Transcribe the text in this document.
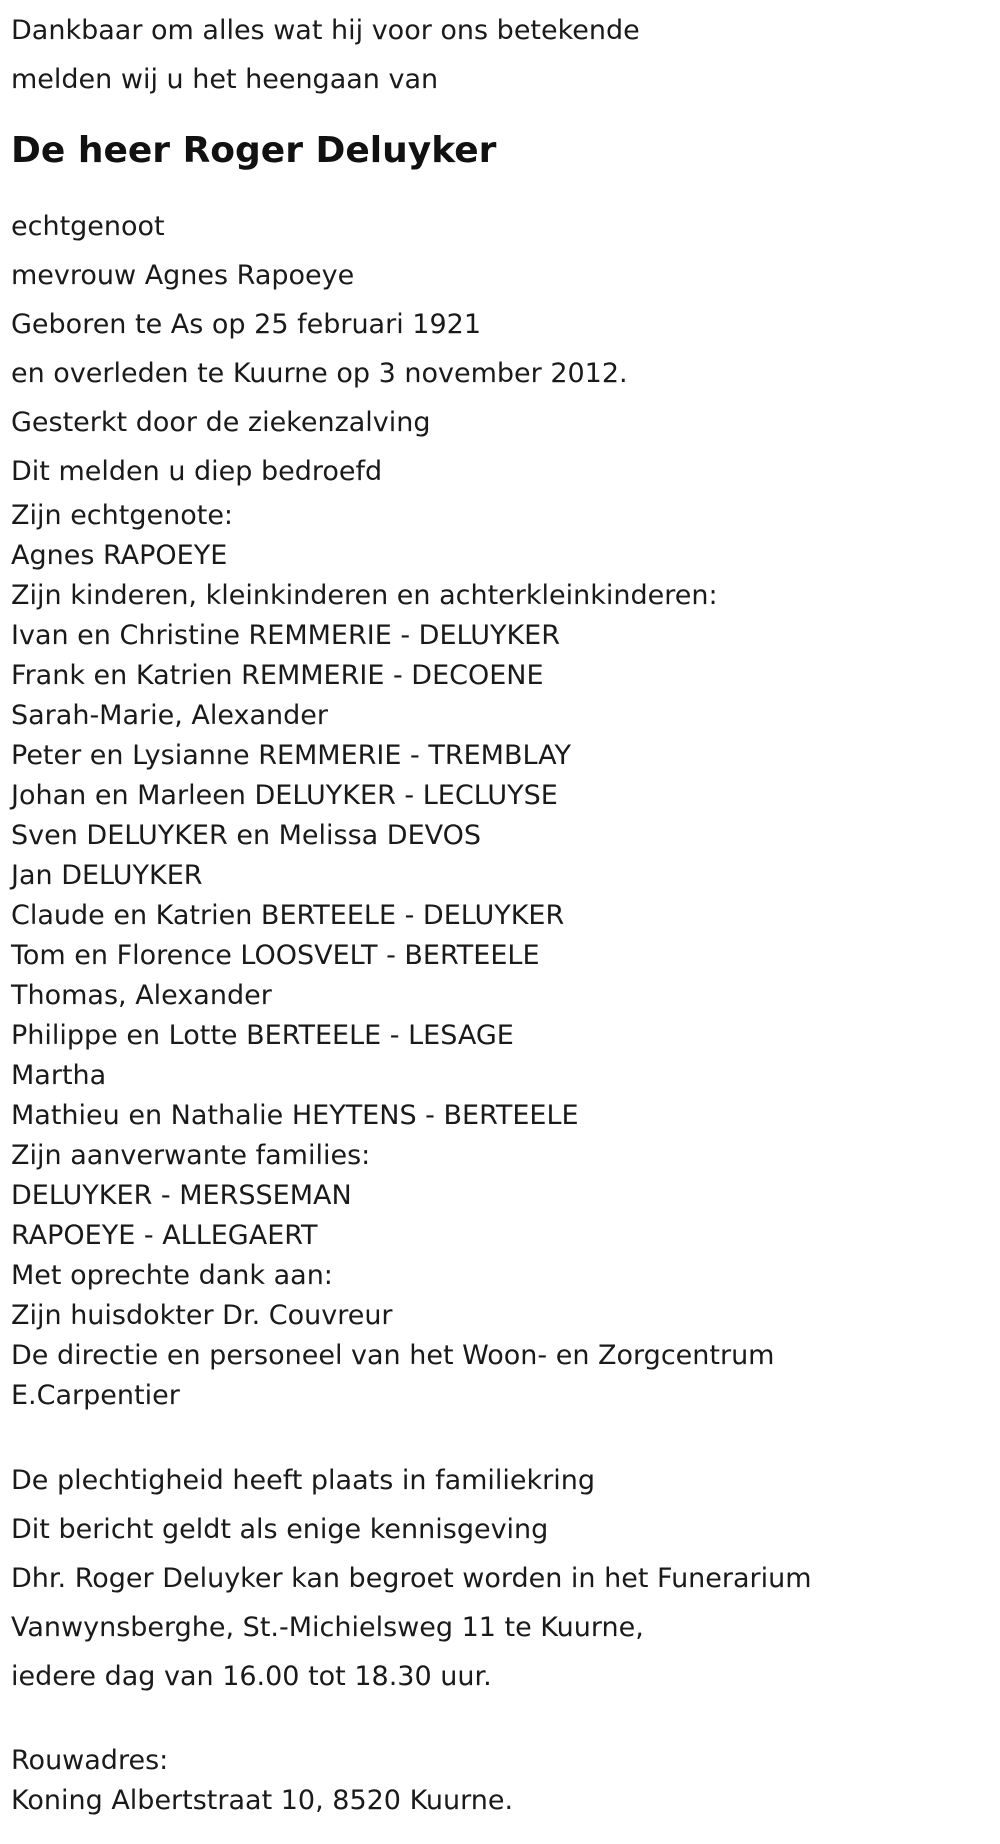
Dankbaar om alles wat hij voor ons betekende
melden wij u het heengaan van
De heer Roger Deluyker
echtgenoot
mevrouw Agnes Rapoeye
Geboren te As op 25 februari 1921
en overleden te Kuurne op 3 november 2012.
Gesterkt door de ziekenzalving
Dit melden u diep bedroefd
Zijn echtgenote:
Agnes RAPOEYE
Zijn kinderen, kleinkinderen en achterkleinkinderen:
Ivan en Christine REMMERIE - DELUYKER
Frank en Katrien REMMERIE - DECOENE
Sarah-Marie, Alexander
Peter en Lysianne REMMERIE - TREMBLAY
Johan en Marleen DELUYKER - LECLUYSE
Sven DELUYKER en Melissa DEVOS
Jan DELUYKER
Claude en Katrien BERTEELE - DELUYKER
Tom en Florence LOOSVELT - BERTEELE
Thomas, Alexander
Philippe en Lotte BERTEELE - LESAGE
Martha
Mathieu en Nathalie HEYTENS - BERTEELE
Zijn aanverwante families:
DELUYKER - MERSSEMAN
RAPOEYE - ALLEGAERT
Met oprechte dank aan:
Zijn huisdokter Dr. Couvreur
De directie en personeel van het Woon- en Zorgcentrum
E.Carpentier
De plechtigheid heeft plaats in familiekring
Dit bericht geldt als enige kennisgeving
Dhr. Roger Deluyker kan begroet worden in het Funerarium
Vanwynsberghe, St.-Michielsweg 11 te Kuurne,
iedere dag van 16.00 tot 18.30 uur.
Rouwadres:
Koning Albertstraat 10, 8520 Kuurne.
